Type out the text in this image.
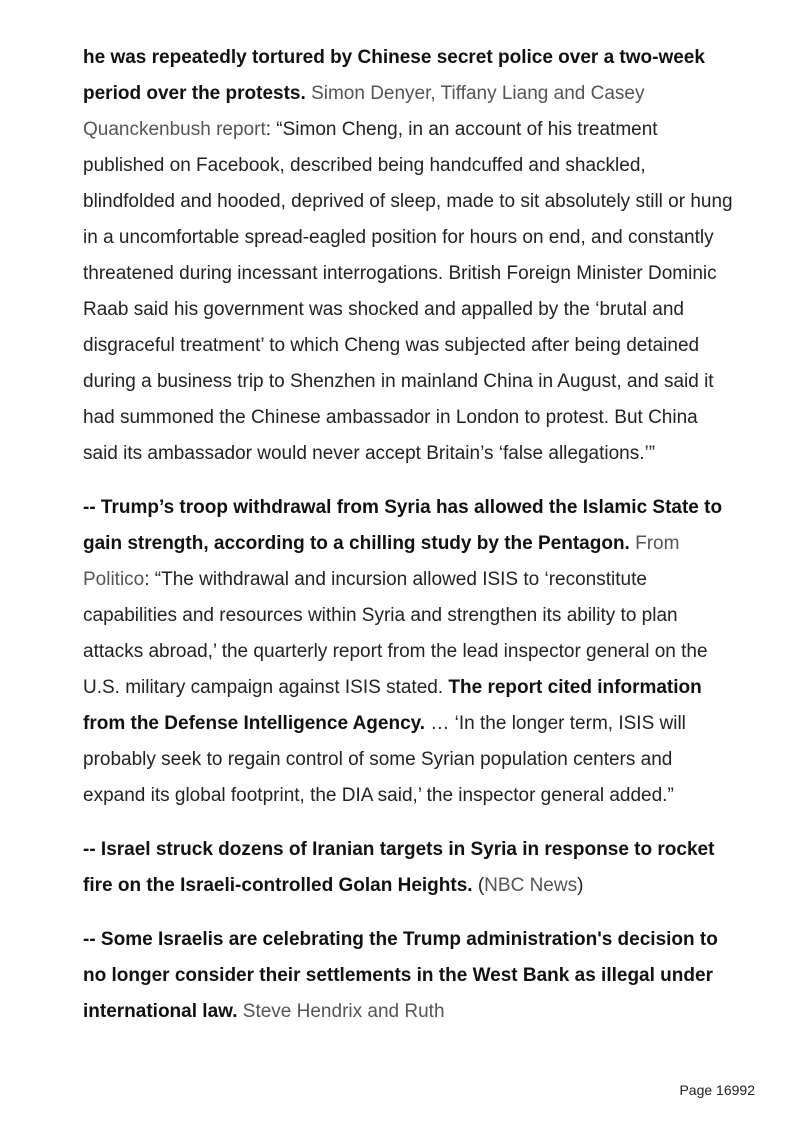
he was repeatedly tortured by Chinese secret police over a two-week period over the protests. Simon Denyer, Tiffany Liang and Casey Quanckenbush report: “Simon Cheng, in an account of his treatment published on Facebook, described being handcuffed and shackled, blindfolded and hooded, deprived of sleep, made to sit absolutely still or hung in a uncomfortable spread-eagled position for hours on end, and constantly threatened during incessant interrogations. British Foreign Minister Dominic Raab said his government was shocked and appalled by the ‘brutal and disgraceful treatment’ to which Cheng was subjected after being detained during a business trip to Shenzhen in mainland China in August, and said it had summoned the Chinese ambassador in London to protest. But China said its ambassador would never accept Britain’s ‘false allegations.’”

-- Trump’s troop withdrawal from Syria has allowed the Islamic State to gain strength, according to a chilling study by the Pentagon. From Politico: “The withdrawal and incursion allowed ISIS to ‘reconstitute capabilities and resources within Syria and strengthen its ability to plan attacks abroad,’ the quarterly report from the lead inspector general on the U.S. military campaign against ISIS stated. The report cited information from the Defense Intelligence Agency. … ‘In the longer term, ISIS will probably seek to regain control of some Syrian population centers and expand its global footprint, the DIA said,’ the inspector general added.”

-- Israel struck dozens of Iranian targets in Syria in response to rocket fire on the Israeli-controlled Golan Heights. (NBC News)

-- Some Israelis are celebrating the Trump administration's decision to no longer consider their settlements in the West Bank as illegal under international law. Steve Hendrix and Ruth

Page 16992
